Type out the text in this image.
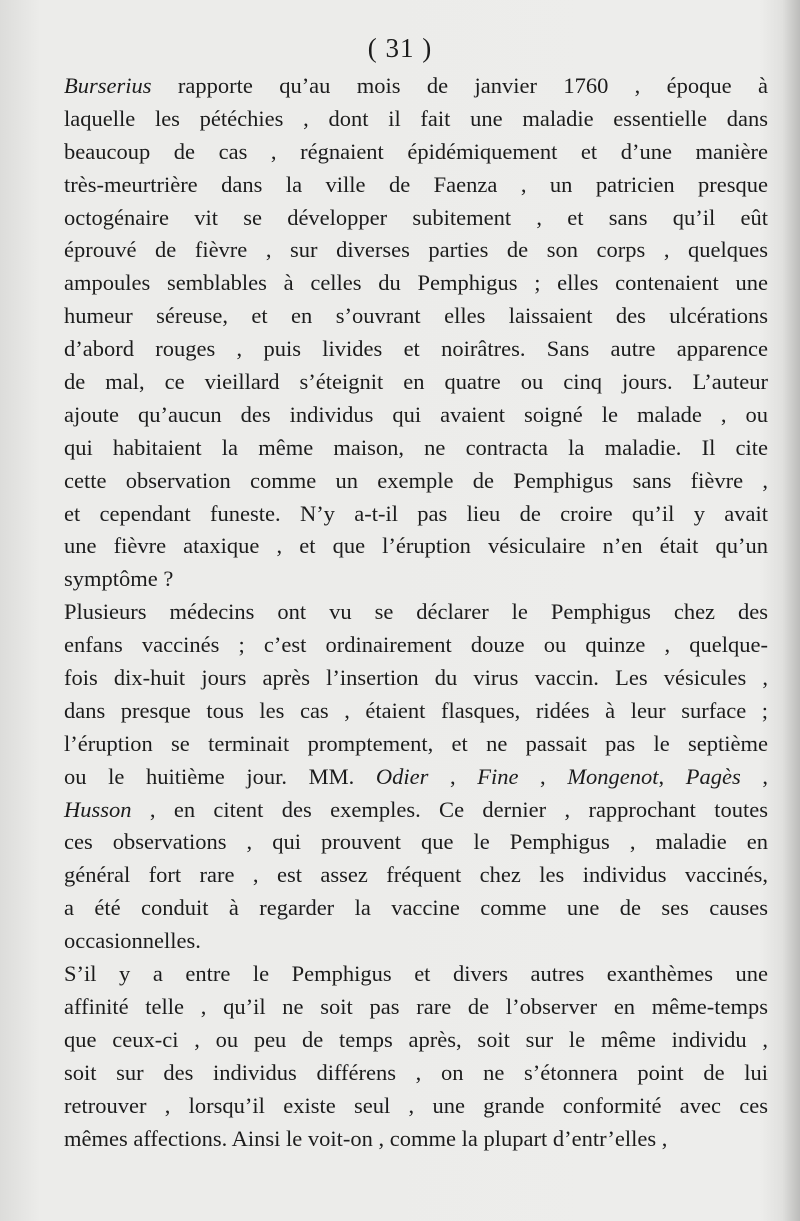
( 31 )
Burserius rapporte qu’au mois de janvier 1760 , époque à
laquelle les pétéchies , dont il fait une maladie essentielle dans
beaucoup de cas , régnaient épidémiquement et d’une manière
très-meurtrière dans la ville de Faenza , un patricien presque
octogénaire vit se développer subitement , et sans qu’il eût
éprouvé de fièvre , sur diverses parties de son corps , quelques
ampoules semblables à celles du Pemphigus ; elles contenaient une
humeur séreuse, et en s’ouvrant elles laissaient des ulcérations
d’abord rouges , puis livides et noirâtres. Sans autre apparence
de mal, ce vieillard s’éteignit en quatre ou cinq jours. L’auteur
ajoute qu’aucun des individus qui avaient soigné le malade , ou
qui habitaient la même maison, ne contracta la maladie. Il cite
cette observation comme un exemple de Pemphigus sans fièvre ,
et cependant funeste. N’y a-t-il pas lieu de croire qu’il y avait
une fièvre ataxique , et que l’éruption vésiculaire n’en était qu’un
symptôme ?
Plusieurs médecins ont vu se déclarer le Pemphigus chez des
enfans vaccinés ; c’est ordinairement douze ou quinze , quelque-
fois dix-huit jours après l’insertion du virus vaccin. Les vésicules ,
dans presque tous les cas , étaient flasques, ridées à leur surface ;
l’éruption se terminait promptement, et ne passait pas le septième
ou le huitième jour. MM. Odier , Fine , Mongenot, Pagès ,
Husson , en citent des exemples. Ce dernier , rapprochant toutes
ces observations , qui prouvent que le Pemphigus , maladie en
général fort rare , est assez fréquent chez les individus vaccinés,
a été conduit à regarder la vaccine comme une de ses causes
occasionnelles.
S’il y a entre le Pemphigus et divers autres exanthèmes une
affinité telle , qu’il ne soit pas rare de l’observer en même-temps
que ceux-ci , ou peu de temps après, soit sur le même individu ,
soit sur des individus différens , on ne s’étonnera point de lui
retrouver , lorsqu’il existe seul , une grande conformité avec ces
mêmes affections. Ainsi le voit-on , comme la plupart d’entr’elles ,
